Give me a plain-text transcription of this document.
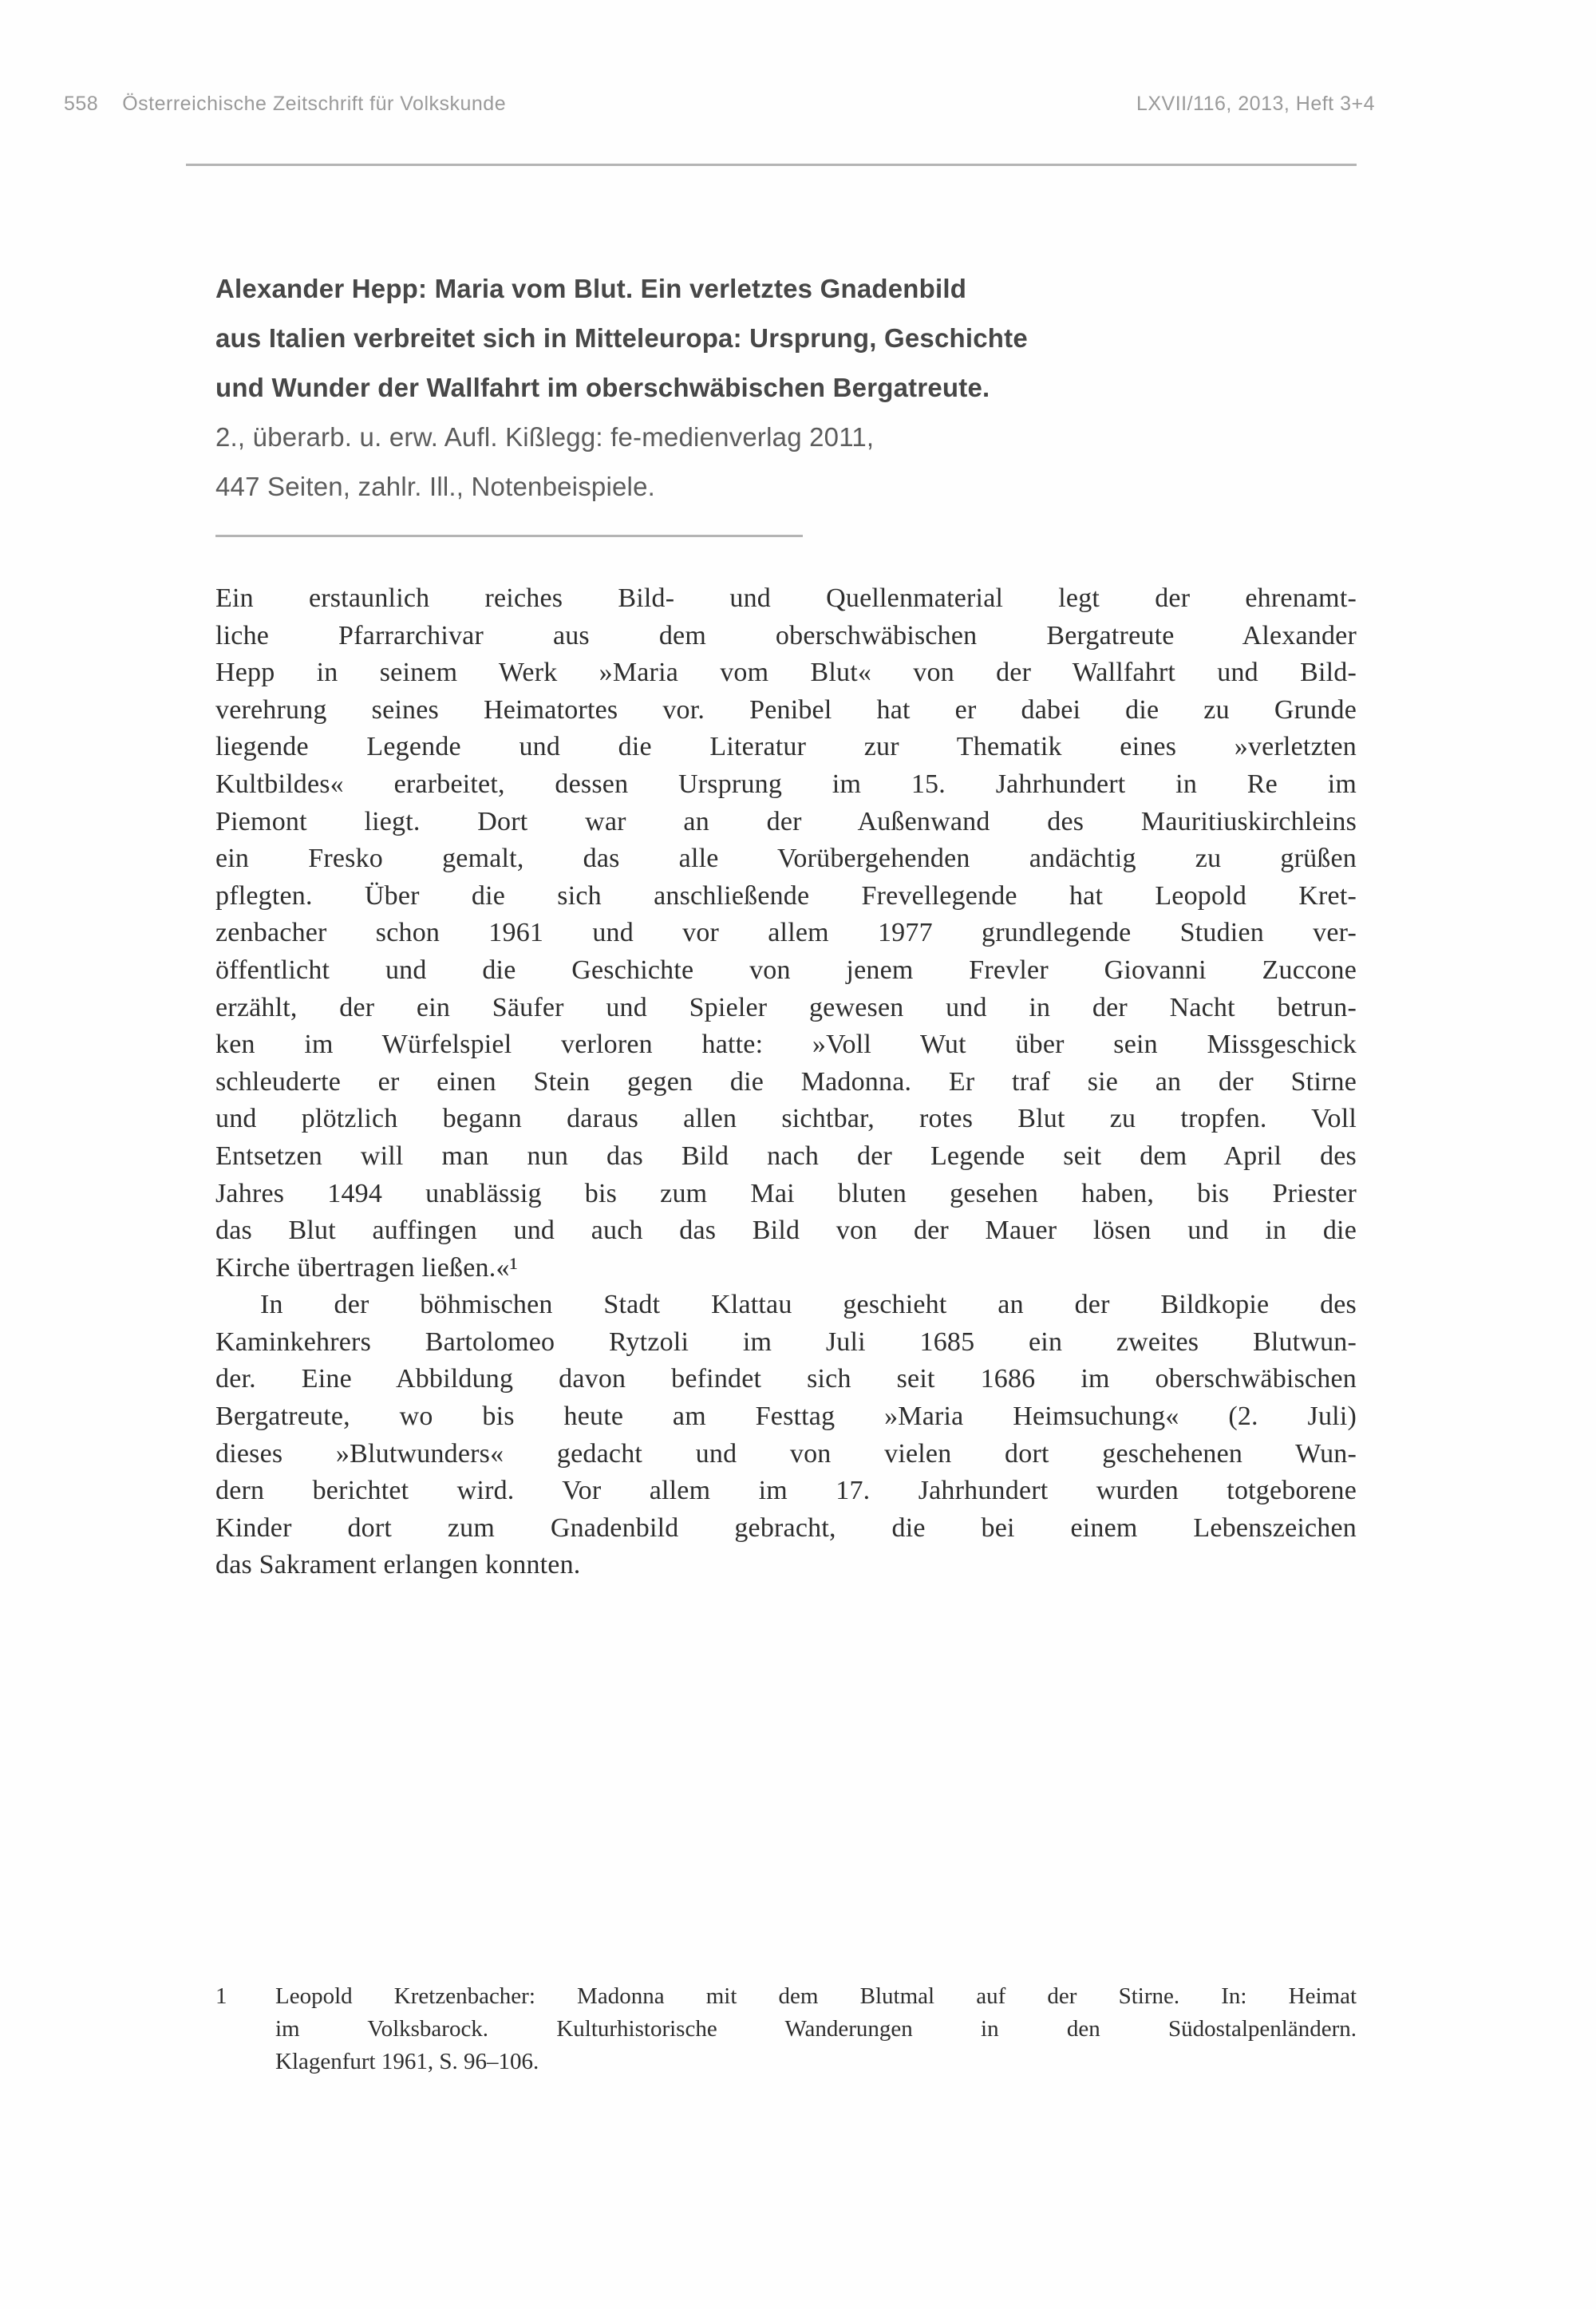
558 Österreichische Zeitschrift für Volkskunde	LXVII/116, 2013, Heft 3+4
Alexander Hepp: Maria vom Blut. Ein verletztes Gnadenbild
aus Italien verbreitet sich in Mitteleuropa: Ursprung, Geschichte
und Wunder der Wallfahrt im oberschwäbischen Bergatreute.
2., überarb. u. erw. Aufl. Kißlegg: fe-medienverlag 2011,
447 Seiten, zahlr. Ill., Notenbeispiele.
Ein erstaunlich reiches Bild- und Quellenmaterial legt der ehrenamt-
liche Pfarrarchivar aus dem oberschwäbischen Bergatreute Alexander
Hepp in seinem Werk »Maria vom Blut« von der Wallfahrt und Bild-
verehrung seines Heimatortes vor. Penibel hat er dabei die zu Grunde
liegende Legende und die Literatur zur Thematik eines »verletzten
Kultbildes« erarbeitet, dessen Ursprung im 15. Jahrhundert in Re im
Piemont liegt. Dort war an der Außenwand des Mauritiuskirchleins
ein Fresko gemalt, das alle Vorübergehenden andächtig zu grüßen
pflegten. Über die sich anschließende Frevellegende hat Leopold Kret-
zenbacher schon 1961 und vor allem 1977 grundlegende Studien ver-
öffentlicht und die Geschichte von jenem Frevler Giovanni Zuccone
erzählt, der ein Säufer und Spieler gewesen und in der Nacht betrun-
ken im Würfelspiel verloren hatte: »Voll Wut über sein Missgeschick
schleuderte er einen Stein gegen die Madonna. Er traf sie an der Stirne
und plötzlich begann daraus allen sichtbar, rotes Blut zu tropfen. Voll
Entsetzen will man nun das Bild nach der Legende seit dem April des
Jahres 1494 unablässig bis zum Mai bluten gesehen haben, bis Priester
das Blut auffingen und auch das Bild von der Mauer lösen und in die
Kirche übertragen ließen.«¹
In der böhmischen Stadt Klattau geschieht an der Bildkopie des
Kaminkehrers Bartolomeo Rytzoli im Juli 1685 ein zweites Blutwun-
der. Eine Abbildung davon befindet sich seit 1686 im oberschwäbischen
Bergatreute, wo bis heute am Festtag »Maria Heimsuchung« (2. Juli)
dieses »Blutwunders« gedacht und von vielen dort geschehenen Wun-
dern berichtet wird. Vor allem im 17. Jahrhundert wurden totgeborene
Kinder dort zum Gnadenbild gebracht, die bei einem Lebenszeichen
das Sakrament erlangen konnten.
1	Leopold Kretzenbacher: Madonna mit dem Blutmal auf der Stirne. In: Heimat
im Volksbarock. Kulturhistorische Wanderungen in den Südostalpenländern.
Klagenfurt 1961, S. 96–106.
